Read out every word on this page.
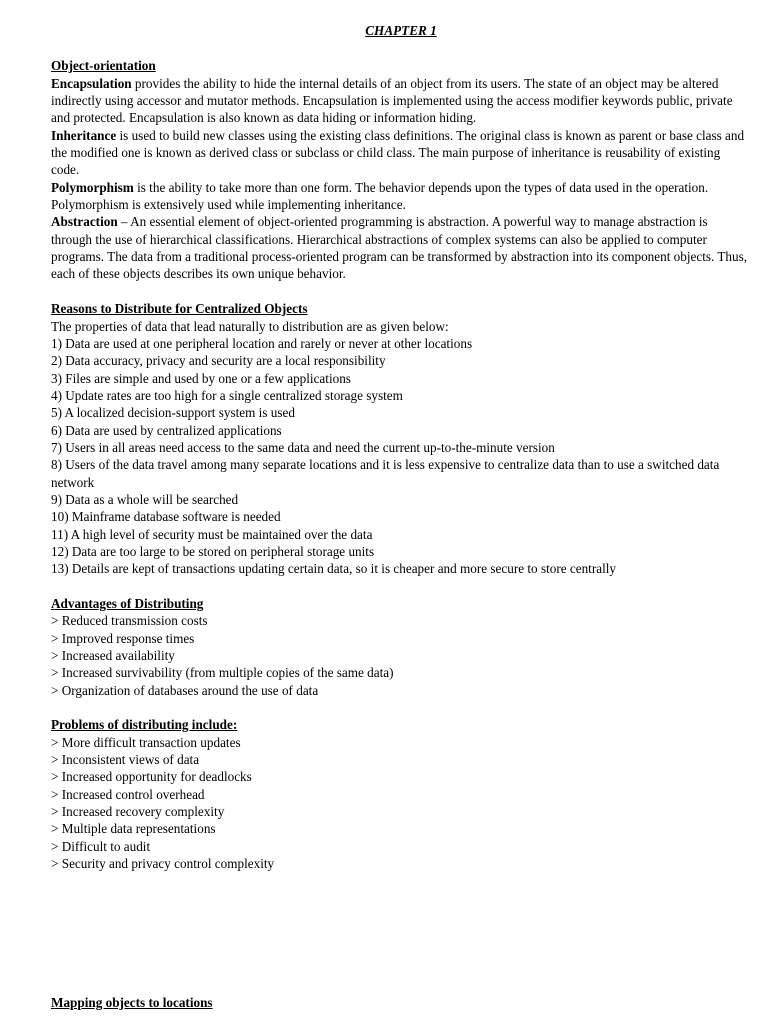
CHAPTER 1
Object-orientation

Encapsulation provides the ability to hide the internal details of an object from its users. The state of an object may be altered indirectly using accessor and mutator methods. Encapsulation is implemented using the access modifier keywords public, private and protected. Encapsulation is also known as data hiding or information hiding.

Inheritance is used to build new classes using the existing class definitions. The original class is known as parent or base class and the modified one is known as derived class or subclass or child class. The main purpose of inheritance is reusability of existing code.

Polymorphism is the ability to take more than one form. The behavior depends upon the types of data used in the operation. Polymorphism is extensively used while implementing inheritance.

Abstraction – An essential element of object-oriented programming is abstraction. A powerful way to manage abstraction is through the use of hierarchical classifications. Hierarchical abstractions of complex systems can also be applied to computer programs. The data from a traditional process-oriented program can be transformed by abstraction into its component objects. Thus, each of these objects describes its own unique behavior.

Reasons to Distribute for Centralized Objects

The properties of data that lead naturally to distribution are as given below:

1) Data are used at one peripheral location and rarely or never at other locations
2) Data accuracy, privacy and security are a local responsibility
3) Files are simple and used by one or a few applications
4) Update rates are too high for a single centralized storage system
5) A localized decision-support system is used
6) Data are used by centralized applications
7) Users in all areas need access to the same data and need the current up-to-the-minute version
8) Users of the data travel among many separate locations and it is less expensive to centralize data than to use a switched data network
9) Data as a whole will be searched
10) Mainframe database software is needed
11) A high level of security must be maintained over the data
12) Data are too large to be stored on peripheral storage units
13) Details are kept of transactions updating certain data, so it is cheaper and more secure to store centrally
Advantages of Distributing
> Reduced transmission costs
> Improved response times
> Increased availability
> Increased survivability (from multiple copies of the same data)
> Organization of databases around the use of data
Problems of distributing include:
> More difficult transaction updates
> Inconsistent views of data
> Increased opportunity for deadlocks
> Increased control overhead
> Increased recovery complexity
> Multiple data representations
> Difficult to audit
> Security and privacy control complexity
Mapping objects to locations
